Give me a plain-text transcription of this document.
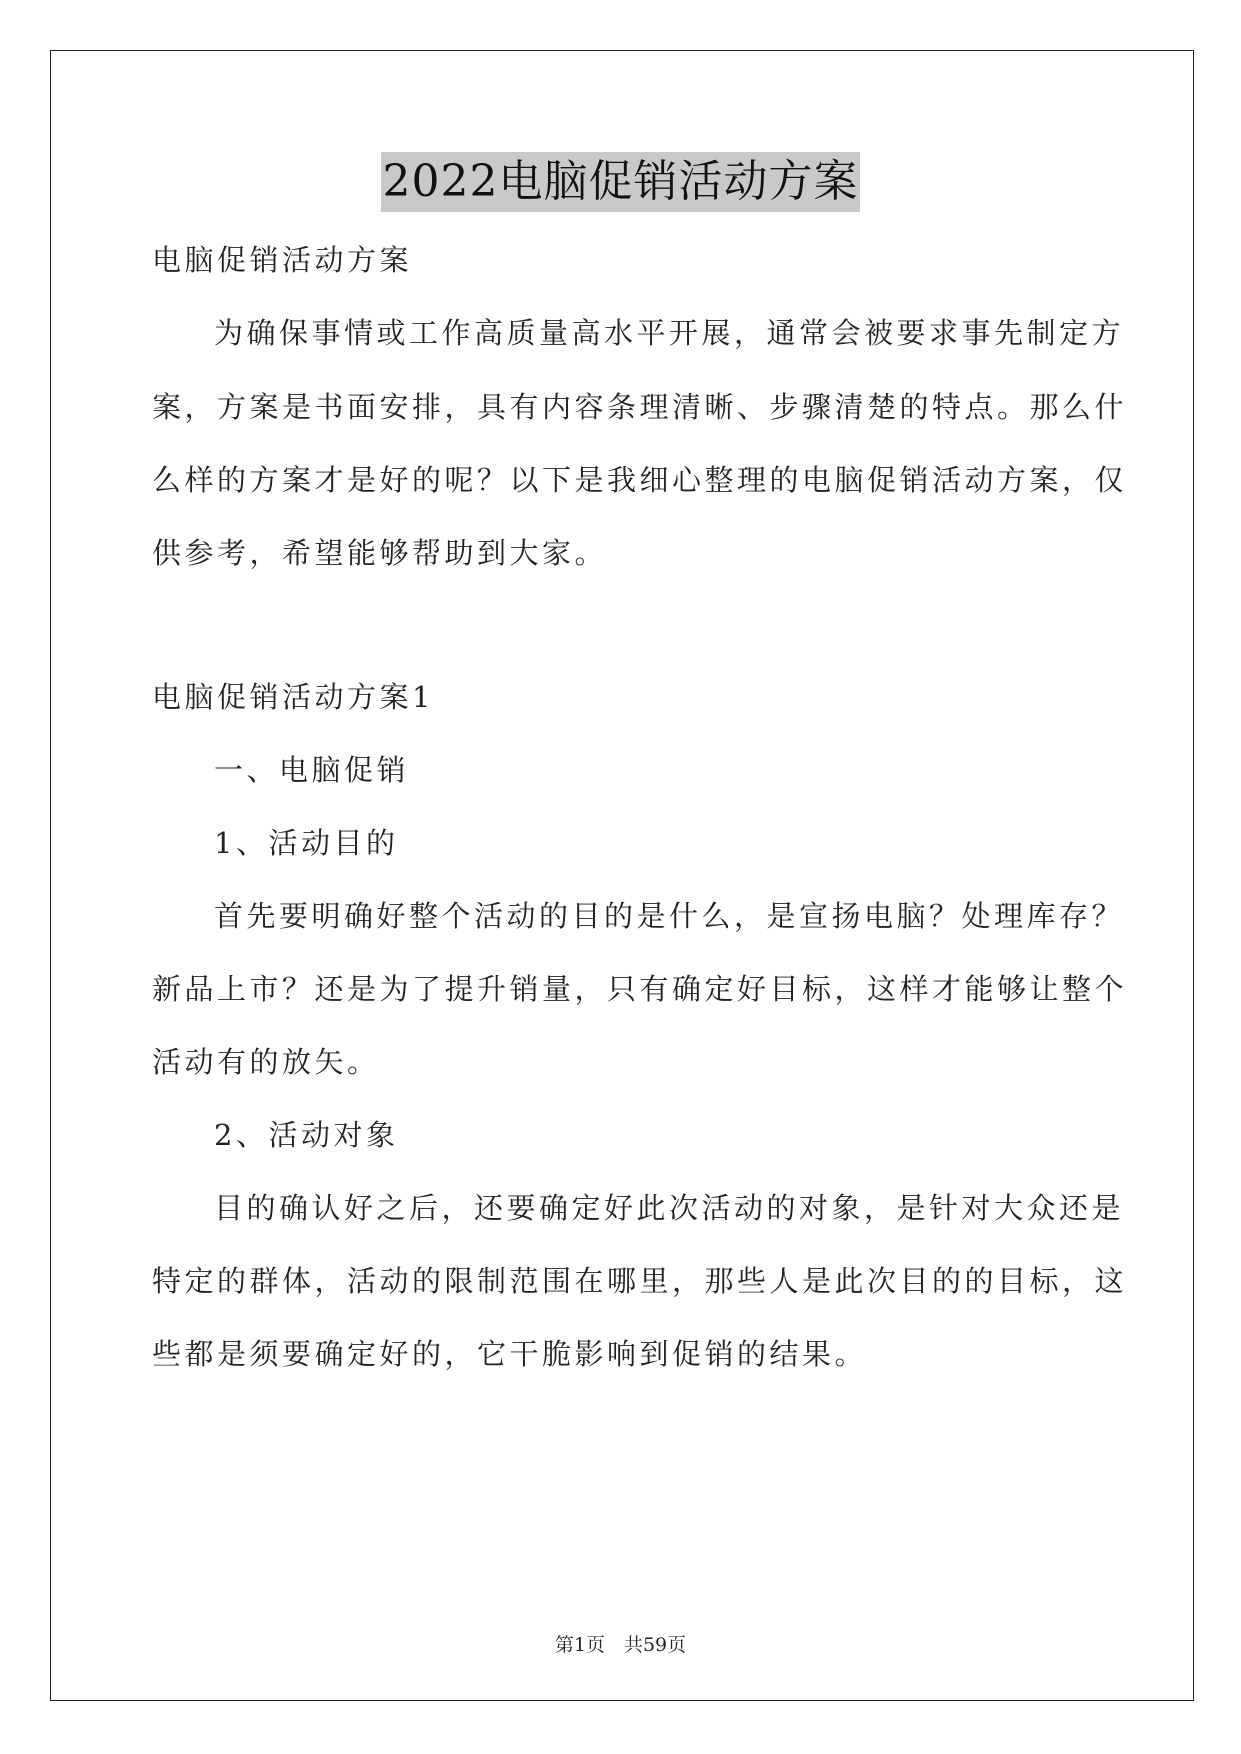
2022电脑促销活动方案
电脑促销活动方案
为确保事情或工作高质量高水平开展，通常会被要求事先制定方
案，方案是书面安排，具有内容条理清晰、步骤清楚的特点。那么什
么样的方案才是好的呢？以下是我细心整理的电脑促销活动方案，仅
供参考，希望能够帮助到大家。
电脑促销活动方案1
一、电脑促销
1、活动目的
首先要明确好整个活动的目的是什么，是宣扬电脑？处理库存？
新品上市？还是为了提升销量，只有确定好目标，这样才能够让整个
活动有的放矢。
2、活动对象
目的确认好之后，还要确定好此次活动的对象，是针对大众还是
特定的群体，活动的限制范围在哪里，那些人是此次目的的目标，这
些都是须要确定好的，它干脆影响到促销的结果。
第1页　共59页
